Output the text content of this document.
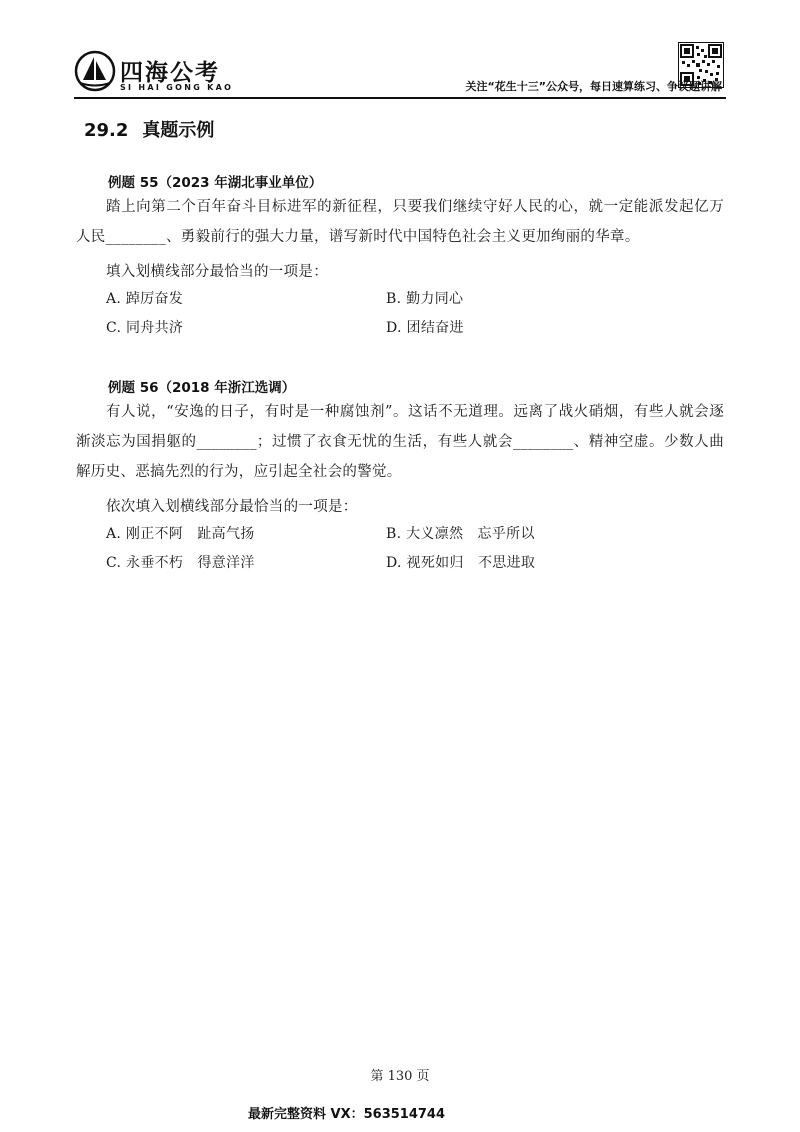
四海公考
SI HAI GONG KAO	关注“花生十三”公众号，每日速算练习、争议题讲解
29.2 真题示例
例题 55（2023 年湖北事业单位）
踏上向第二个百年奋斗目标进军的新征程，只要我们继续守好人民的心，就一定能派发起亿万人民________、勇毅前行的强大力量，谱写新时代中国特色社会主义更加绚丽的华章。
填入划横线部分最恰当的一项是：
A. 踔厉奋发	B. 勤力同心
C. 同舟共济	D. 团结奋进
例题 56（2018 年浙江选调）
有人说，“安逸的日子，有时是一种腐蚀剂”。这话不无道理。远离了战火硝烟，有些人就会逐渐淡忘为国捐躯的________；过惯了衣食无忧的生活，有些人就会________、精神空虚。少数人曲解历史、恶搞先烈的行为，应引起全社会的警觉。
依次填入划横线部分最恰当的一项是：
A. 刚正不阿   趾高气扬	B. 大义凛然   忘乎所以
C. 永垂不朽   得意洋洋	D. 视死如归   不思进取
第 130 页
最新完整资料 VX：563514744
